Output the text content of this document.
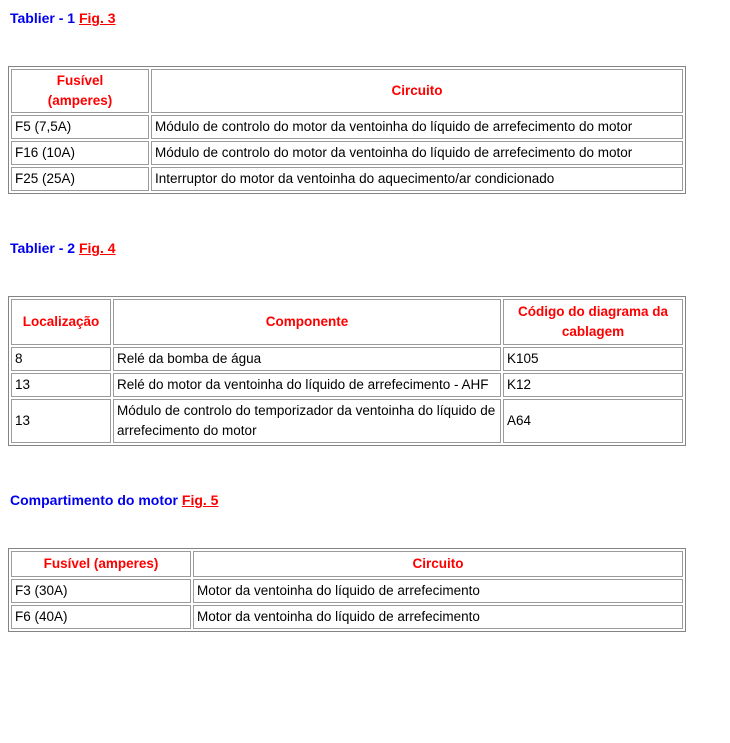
Tablier - 1 Fig. 3
Fusível (amperes)	Circuito
F5 (7,5A)	Módulo de controlo do motor da ventoinha do líquido de arrefecimento do motor
F16 (10A)	Módulo de controlo do motor da ventoinha do líquido de arrefecimento do motor
F25 (25A)	Interruptor do motor da ventoinha do aquecimento/ar condicionado
Tablier - 2 Fig. 4
Localização	Componente	Código do diagrama da cablagem
8	Relé da bomba de água	K105
13	Relé do motor da ventoinha do líquido de arrefecimento - AHF	K12
13	Módulo de controlo do temporizador da ventoinha do líquido de arrefecimento do motor	A64
Compartimento do motor Fig. 5
Fusível (amperes)	Circuito
F3 (30A)	Motor da ventoinha do líquido de arrefecimento
F6 (40A)	Motor da ventoinha do líquido de arrefecimento
